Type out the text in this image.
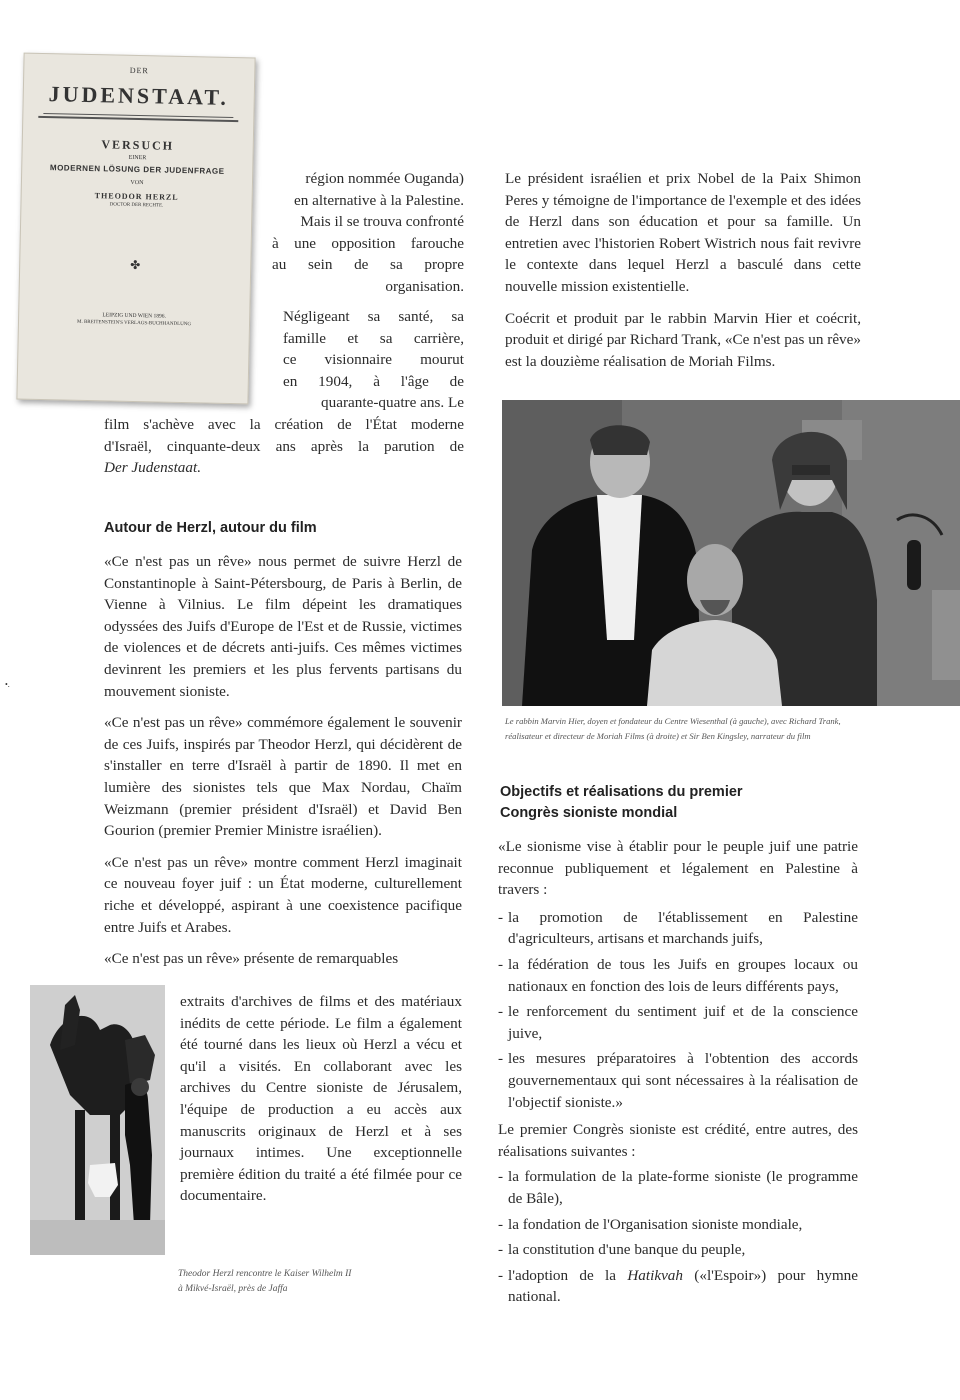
DER
JUDENSTAAT.
VERSUCH
EINER
MODERNEN LÖSUNG DER JUDENFRAGE
VON
THEODOR HERZL
DOCTOR DER RECHTE.
✤
LEIPZIG UND WIEN 1896.
M. BREITENSTEIN'S VERLAGS-BUCHHANDLUNG
région nommée Ouganda)
en alternative à la Palestine.
Mais il se trouva confronté
à une opposition farouche
au sein de sa propre
organisation.
Négligeant sa santé, sa
famille et sa carrière,
ce visionnaire mourut
en 1904, à l'âge de
quarante-quatre ans. Le
film s'achève avec la création de l'État moderne
d'Israël, cinquante-deux ans après la parution de
Der Judenstaat.
Autour de Herzl, autour du film

«Ce n'est pas un rêve» nous permet de suivre Herzl de Constantinople à Saint-Pétersbourg, de Paris à Berlin, de Vienne à Vilnius. Le film dépeint les dramatiques odyssées des Juifs d'Europe de l'Est et de Russie, victimes de violences et de décrets anti-juifs. Ces mêmes victimes devinrent les premiers et les plus fervents partisans du mouvement sioniste.

«Ce n'est pas un rêve» commémore également le souvenir de ces Juifs, inspirés par Theodor Herzl, qui décidèrent de s'installer en terre d'Israël à partir de 1890. Il met en lumière des sionistes tels que Max Nordau, Chaïm Weizmann (premier président d'Israël) et David Ben Gourion (premier Premier Ministre israélien).

«Ce n'est pas un rêve» montre comment Herzl imaginait ce nouveau foyer juif : un État moderne, culturellement riche et développé, aspirant à une coexistence pacifique entre Juifs et Arabes.

«Ce n'est pas un rêve» présente de remarquables
extraits d'archives de films et des matériaux inédits de cette période. Le film a également été tourné dans les lieux où Herzl a vécu et qu'il a visités. En collaborant avec les archives du Centre sioniste de Jérusalem, l'équipe de production a eu accès aux manuscrits originaux de Herzl et à ses journaux intimes. Une exceptionnelle première édition du traité a été filmée pour ce documentaire.
Theodor Herzl rencontre le Kaiser Wilhelm II
à Mikvé-Israël, près de Jaffa

Le président israélien et prix Nobel de la Paix Shimon Peres y témoigne de l'importance de l'exemple et des idées de Herzl dans son éducation et pour sa famille. Un entretien avec l'historien Robert Wistrich nous fait revivre le contexte dans lequel Herzl a basculé dans cette nouvelle mission existentielle.

Coécrit et produit par le rabbin Marvin Hier et coécrit, produit et dirigé par Richard Trank, «Ce n'est pas un rêve» est la douzième réalisation de Moriah Films.

Le rabbin Marvin Hier, doyen et fondateur du Centre Wiesenthal (à gauche), avec Richard Trank,
réalisateur et directeur de Moriah Films (à droite) et Sir Ben Kingsley, narrateur du film
Objectifs et réalisations du premier
Congrès sioniste mondial

«Le sionisme vise à établir pour le peuple juif une patrie reconnue publiquement et légalement en Palestine à travers :

- la promotion de l'établissement en Palestine d'agriculteurs, artisans et marchands juifs,
- la fédération de tous les Juifs en groupes locaux ou nationaux en fonction des lois de leurs différents pays,
- le renforcement du sentiment juif et de la conscience juive,
- les mesures préparatoires à l'obtention des accords gouvernementaux qui sont nécessaires à la réalisation de l'objectif sioniste.»

Le premier Congrès sioniste est crédité, entre autres, des réalisations suivantes :

- la formulation de la plate-forme sioniste (le programme de Bâle),
- la fondation de l'Organisation sioniste mondiale,
- la constitution d'une banque du peuple,
- l'adoption de la Hatikvah («l'Espoir») pour hymne national.
•.
